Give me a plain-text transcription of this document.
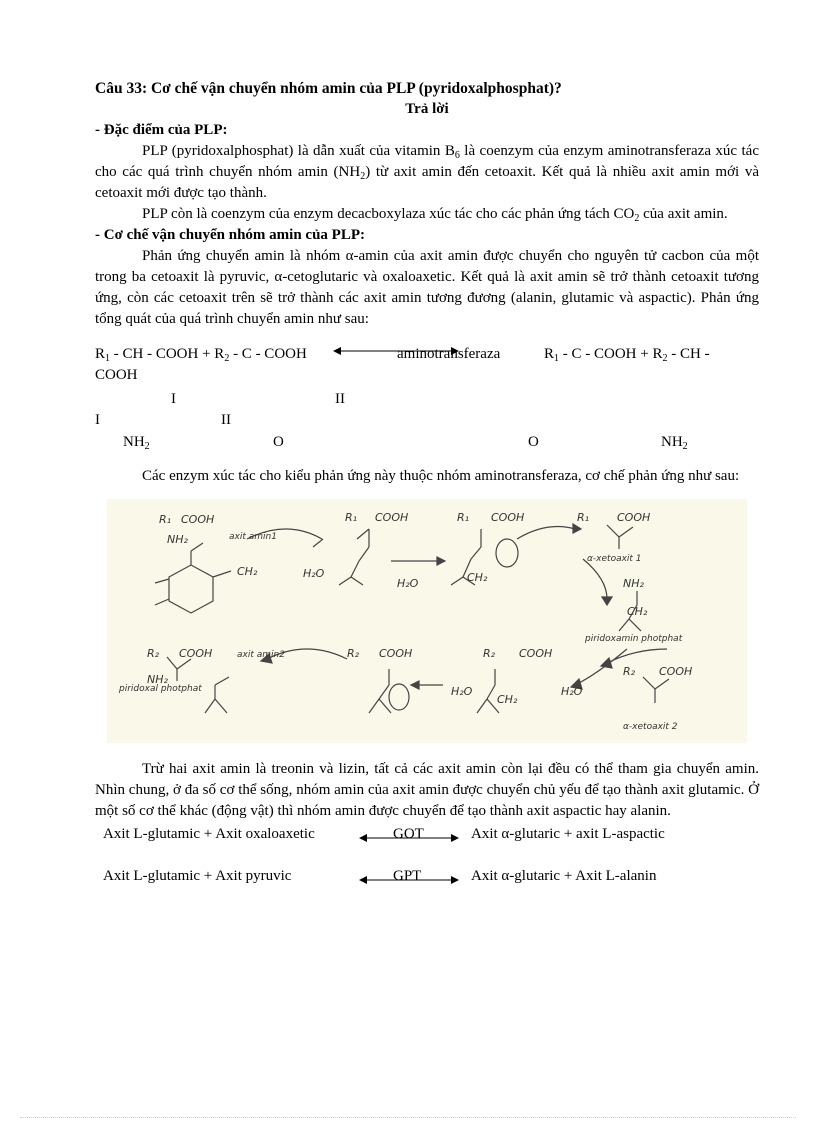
Câu 33: Cơ chế vận chuyển nhóm amin của PLP (pyridoxalphosphat)?

Trả lời

- Đặc điểm của PLP:

PLP (pyridoxalphosphat) là dẫn xuất của vitamin $B_6$ là coenzym của enzym aminotransferaza xúc tác cho các quá trình chuyển nhóm amin $(NH_2)$ từ axit amin đến cetoaxit. Kết quả là nhiều axit amin mới và cetoaxit mới được tạo thành.

PLP còn là coenzym của enzym decacboxylaza xúc tác cho các phản ứng tách $CO_2$ của axit amin.

- Cơ chế vận chuyển nhóm amin của PLP:

Phản ứng chuyển amin là nhóm α-amin của axit amin được chuyển cho nguyên tử cacbon của một trong ba cetoaxit là pyruvic, α-cetoglutaric và oxaloaxetic. Kết quả là axit amin sẽ trở thành cetoaxit tương ứng, còn các cetoaxit trên sẽ trở thành các axit amin tương đương (alanin, glutamic và aspactic). Phản ứng tổng quát của quá trình chuyển amin như sau:

$R_1$ - CH - COOH + $R_2$ - C - COOH	aminotransferaza	$R_1$ - C - COOH + $R_2$ - CH -
COOH
I	II
I	II
$NH_2$	O	O	$NH_2$

Các enzym xúc tác cho kiểu phản ứng này thuộc nhóm aminotransferaza, cơ chế phản ứng như sau:

R₁ COOH
NH₂	axit amin1
CH₂
piridoxal photphat
R₁ COOH
H₂O
H₂O
R₁ COOH
CH₂
R₁	COOH
α-xetoaxit 1
NH₂
CH₂
piridoxamin photphat
R₂ COOH
NH₂
axit amin2	R₂ COOH
H₂O
R₂ COOH
CH₂
H₂O
R₂ COOH
α-xetoaxit 2

Trừ hai axit amin là treonin và lizin, tất cả các axit amin còn lại đều có thể tham gia chuyển amin. Nhìn chung, ở đa số cơ thể sống, nhóm amin của axit amin được chuyển chủ yếu để tạo thành axit glutamic. Ở một số cơ thể khác (động vật) thì nhóm amin được chuyển để tạo thành axit aspactic hay alanin.

Axit L-glutamic + Axit oxaloaxetic	GOT	Axit α-glutaric + axit L-aspactic
Axit L-glutamic + Axit pyruvic	GPT	Axit α-glutaric + Axit L-alanin
